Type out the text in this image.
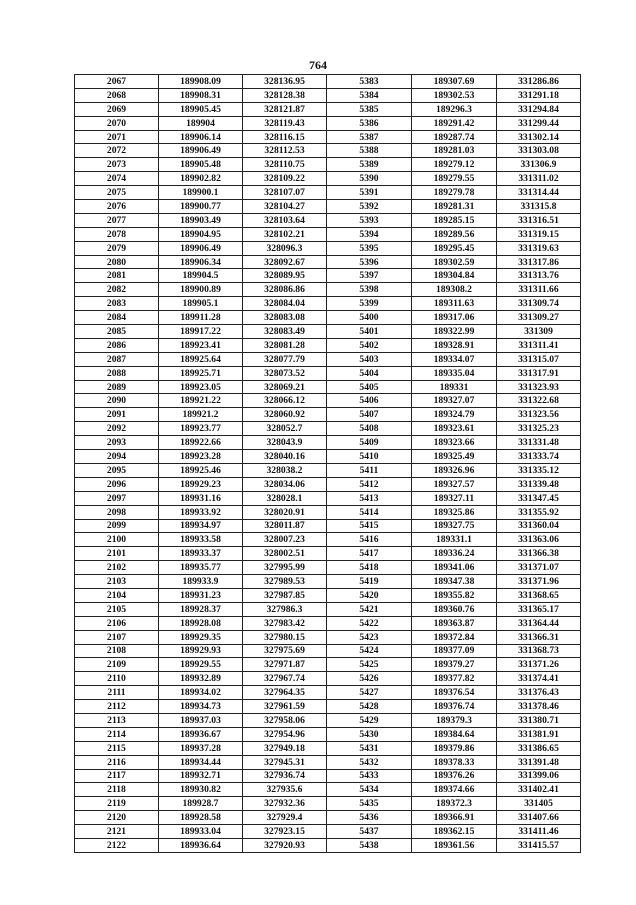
764
2067	189908.09	328136.95	5383	189307.69	331286.86
2068	189908.31	328128.38	5384	189302.53	331291.18
2069	189905.45	328121.87	5385	189296.3	331294.84
2070	189904	328119.43	5386	189291.42	331299.44
2071	189906.14	328116.15	5387	189287.74	331302.14
2072	189906.49	328112.53	5388	189281.03	331303.08
2073	189905.48	328110.75	5389	189279.12	331306.9
2074	189902.82	328109.22	5390	189279.55	331311.02
2075	189900.1	328107.07	5391	189279.78	331314.44
2076	189900.77	328104.27	5392	189281.31	331315.8
2077	189903.49	328103.64	5393	189285.15	331316.51
2078	189904.95	328102.21	5394	189289.56	331319.15
2079	189906.49	328096.3	5395	189295.45	331319.63
2080	189906.34	328092.67	5396	189302.59	331317.86
2081	189904.5	328089.95	5397	189304.84	331313.76
2082	189900.89	328086.86	5398	189308.2	331311.66
2083	189905.1	328084.04	5399	189311.63	331309.74
2084	189911.28	328083.08	5400	189317.06	331309.27
2085	189917.22	328083.49	5401	189322.99	331309
2086	189923.41	328081.28	5402	189328.91	331311.41
2087	189925.64	328077.79	5403	189334.07	331315.07
2088	189925.71	328073.52	5404	189335.04	331317.91
2089	189923.05	328069.21	5405	189331	331323.93
2090	189921.22	328066.12	5406	189327.07	331322.68
2091	189921.2	328060.92	5407	189324.79	331323.56
2092	189923.77	328052.7	5408	189323.61	331325.23
2093	189922.66	328043.9	5409	189323.66	331331.48
2094	189923.28	328040.16	5410	189325.49	331333.74
2095	189925.46	328038.2	5411	189326.96	331335.12
2096	189929.23	328034.06	5412	189327.57	331339.48
2097	189931.16	328028.1	5413	189327.11	331347.45
2098	189933.92	328020.91	5414	189325.86	331355.92
2099	189934.97	328011.87	5415	189327.75	331360.04
2100	189933.58	328007.23	5416	189331.1	331363.06
2101	189933.37	328002.51	5417	189336.24	331366.38
2102	189935.77	327995.99	5418	189341.06	331371.07
2103	189933.9	327989.53	5419	189347.38	331371.96
2104	189931.23	327987.85	5420	189355.82	331368.65
2105	189928.37	327986.3	5421	189360.76	331365.17
2106	189928.08	327983.42	5422	189363.87	331364.44
2107	189929.35	327980.15	5423	189372.84	331366.31
2108	189929.93	327975.69	5424	189377.09	331368.73
2109	189929.55	327971.87	5425	189379.27	331371.26
2110	189932.89	327967.74	5426	189377.82	331374.41
2111	189934.02	327964.35	5427	189376.54	331376.43
2112	189934.73	327961.59	5428	189376.74	331378.46
2113	189937.03	327958.06	5429	189379.3	331380.71
2114	189936.67	327954.96	5430	189384.64	331381.91
2115	189937.28	327949.18	5431	189379.86	331386.65
2116	189934.44	327945.31	5432	189378.33	331391.48
2117	189932.71	327936.74	5433	189376.26	331399.06
2118	189930.82	327935.6	5434	189374.66	331402.41
2119	189928.7	327932.36	5435	189372.3	331405
2120	189928.58	327929.4	5436	189366.91	331407.66
2121	189933.04	327923.15	5437	189362.15	331411.46
2122	189936.64	327920.93	5438	189361.56	331415.57
